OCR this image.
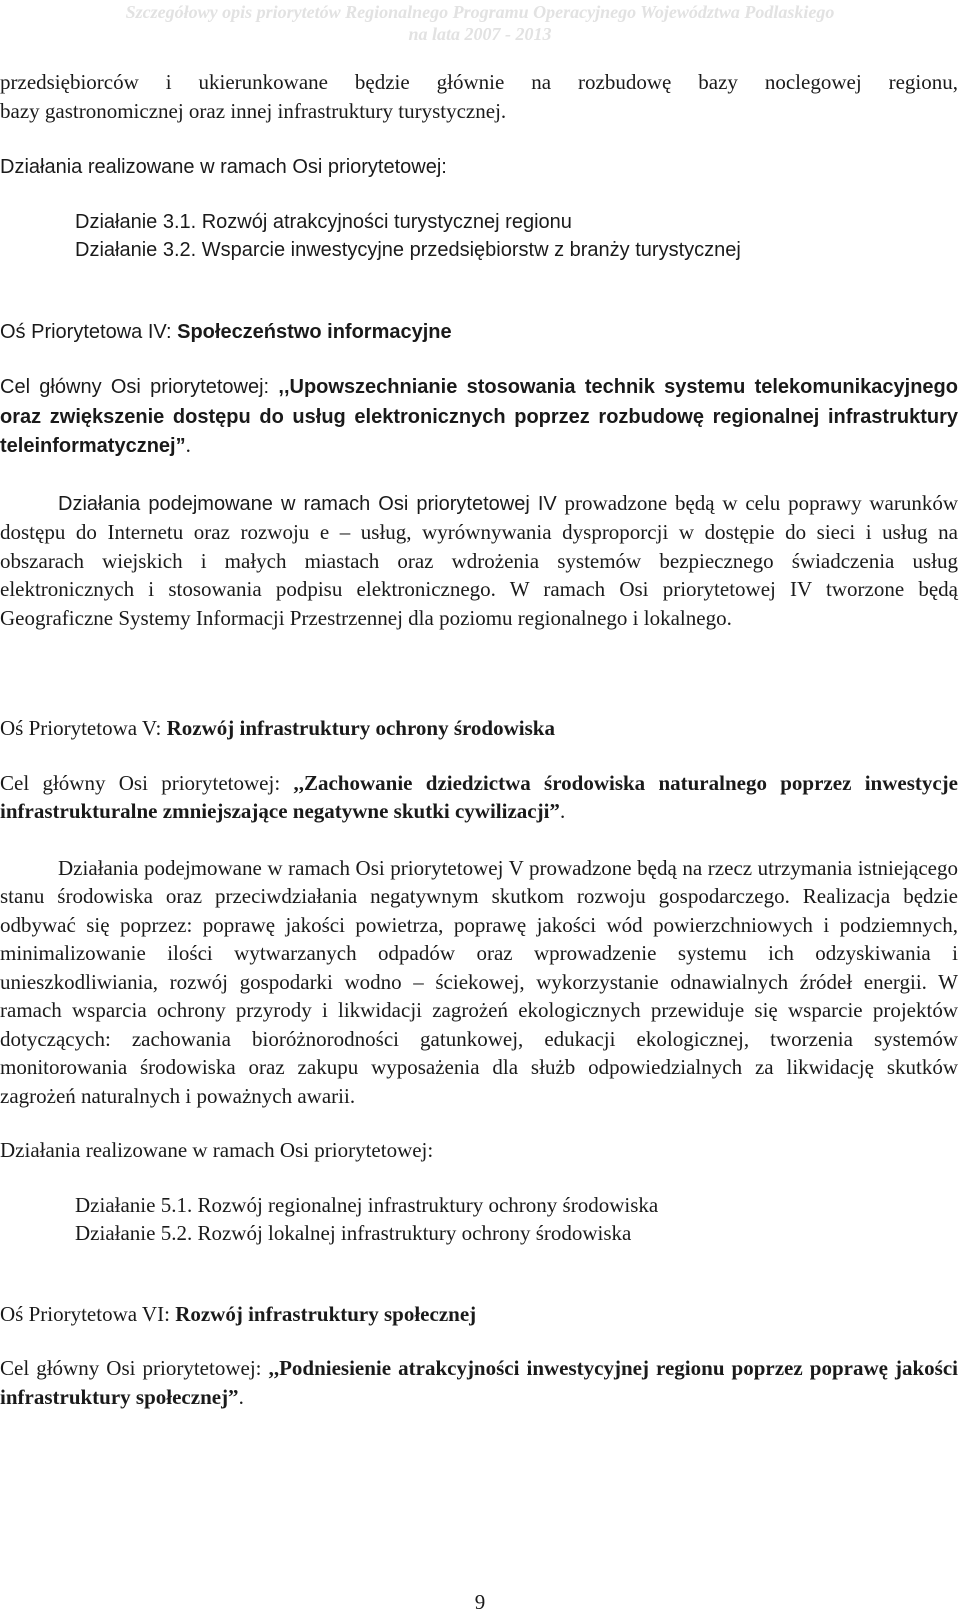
Szczegółowy opis priorytetów Regionalnego Programu Operacyjnego Województwa Podlaskiego
na lata 2007 - 2013

przedsiębiorców i ukierunkowane będzie głównie na rozbudowę bazy noclegowej regionu,

bazy gastronomicznej oraz innej infrastruktury turystycznej.

Działania realizowane w ramach Osi priorytetowej:

Działanie 3.1. Rozwój atrakcyjności turystycznej regionu

Działanie 3.2. Wsparcie inwestycyjne przedsiębiorstw z branży turystycznej

Oś Priorytetowa IV: Społeczeństwo informacyjne

Cel główny Osi priorytetowej: ,,Upowszechnianie stosowania technik systemu telekomunikacyjnego oraz zwiększenie dostępu do usług elektronicznych poprzez rozbudowę regionalnej infrastruktury teleinformatycznej”.

Działania podejmowane w ramach Osi priorytetowej IV prowadzone będą w celu poprawy warunków dostępu do Internetu oraz rozwoju e – usług, wyrównywania dysproporcji w dostępie do sieci i usług na obszarach wiejskich i małych miastach oraz wdrożenia systemów bezpiecznego świadczenia usług elektronicznych i stosowania podpisu elektronicznego. W ramach Osi priorytetowej IV tworzone będą Geograficzne Systemy Informacji Przestrzennej dla poziomu regionalnego i lokalnego.

Oś Priorytetowa V: Rozwój infrastruktury ochrony środowiska

Cel główny Osi priorytetowej: ,,Zachowanie dziedzictwa środowiska naturalnego poprzez inwestycje infrastrukturalne zmniejszające negatywne skutki cywilizacji”.

Działania podejmowane w ramach Osi priorytetowej V prowadzone będą na rzecz utrzymania istniejącego stanu środowiska oraz przeciwdziałania negatywnym skutkom rozwoju gospodarczego. Realizacja będzie odbywać się poprzez: poprawę jakości powietrza, poprawę jakości wód powierzchniowych i podziemnych, minimalizowanie ilości wytwarzanych odpadów oraz wprowadzenie systemu ich odzyskiwania i unieszkodliwiania, rozwój gospodarki wodno – ściekowej, wykorzystanie odnawialnych źródeł energii. W ramach wsparcia ochrony przyrody i likwidacji zagrożeń ekologicznych przewiduje się wsparcie projektów dotyczących: zachowania bioróżnorodności gatunkowej, edukacji ekologicznej, tworzenia systemów monitorowania środowiska oraz zakupu wyposażenia dla służb odpowiedzialnych za likwidację skutków zagrożeń naturalnych i poważnych awarii.

Działania realizowane w ramach Osi priorytetowej:

Działanie 5.1. Rozwój regionalnej infrastruktury ochrony środowiska

Działanie 5.2. Rozwój lokalnej infrastruktury ochrony środowiska

Oś Priorytetowa VI: Rozwój infrastruktury społecznej

Cel główny Osi priorytetowej: ,,Podniesienie atrakcyjności inwestycyjnej regionu poprzez poprawę jakości infrastruktury społecznej”.

9
